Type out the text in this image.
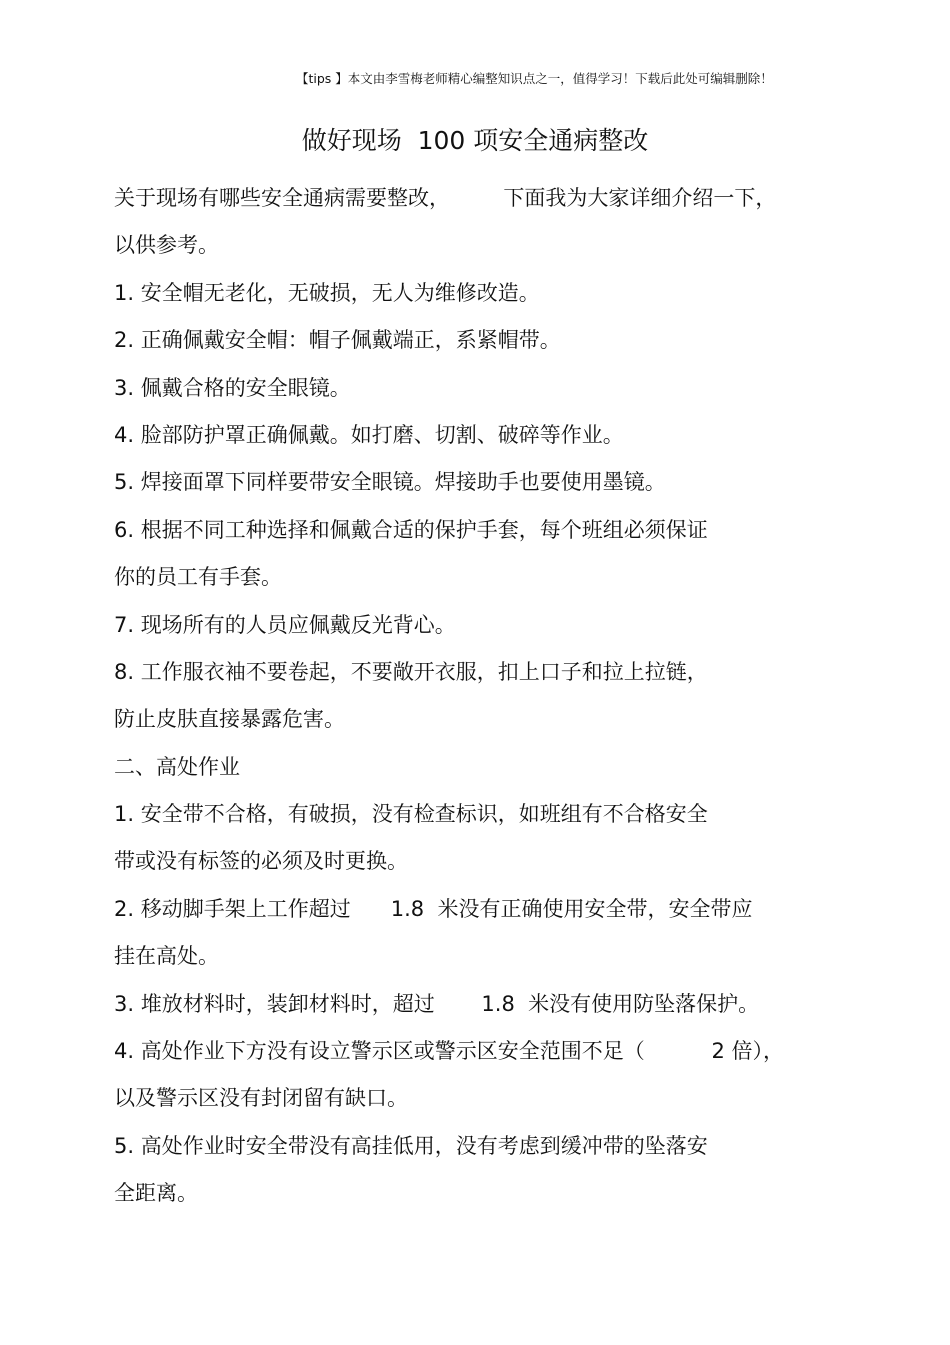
【tips 】本文由李雪梅老师精心编整知识点之一，值得学习！下载后此处可编辑删除！
做好现场  100 项安全通病整改
关于现场有哪些安全通病需要整改，        下面我为大家详细介绍一下，
以供参考。
1. 安全帽无老化，无破损，无人为维修改造。
2. 正确佩戴安全帽：帽子佩戴端正，系紧帽带。
3. 佩戴合格的安全眼镜。
4. 脸部防护罩正确佩戴。如打磨、切割、破碎等作业。
5. 焊接面罩下同样要带安全眼镜。焊接助手也要使用墨镜。
6. 根据不同工种选择和佩戴合适的保护手套，每个班组必须保证
你的员工有手套。
7. 现场所有的人员应佩戴反光背心。
8. 工作服衣袖不要卷起，不要敞开衣服，扣上口子和拉上拉链，
防止皮肤直接暴露危害。
二、高处作业
1. 安全带不合格，有破损，没有检查标识，如班组有不合格安全
带或没有标签的必须及时更换。
2. 移动脚手架上工作超过      1.8  米没有正确使用安全带，安全带应
挂在高处。
3. 堆放材料时，装卸材料时，超过       1.8  米没有使用防坠落保护。
4. 高处作业下方没有设立警示区或警示区安全范围不足（          2 倍），
以及警示区没有封闭留有缺口。
5. 高处作业时安全带没有高挂低用，没有考虑到缓冲带的坠落安
全距离。
